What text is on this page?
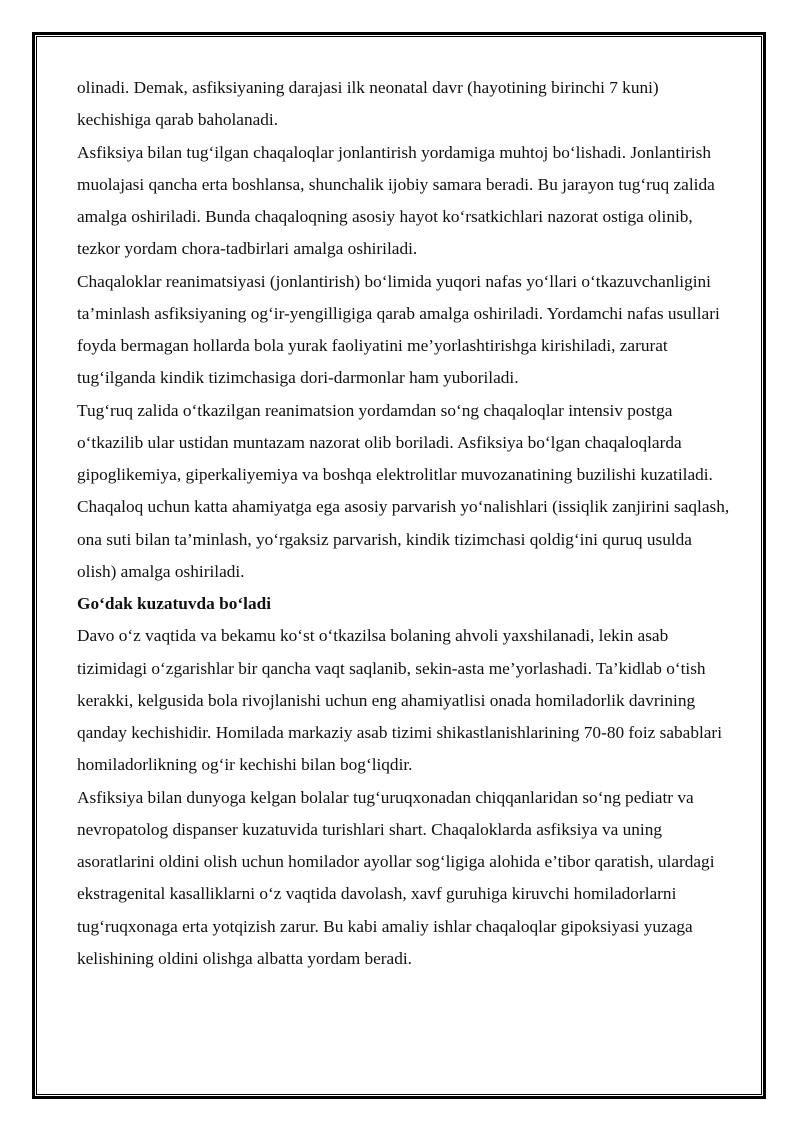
olinadi. Demak, asfiksiyaning darajasi ilk neonatal davr (hayotining birinchi 7 kuni) kechishiga qarab baholanadi.

Asfiksiya bilan tug‘ilgan chaqaloqlar jonlantirish yordamiga muhtoj bo‘lishadi. Jonlantirish muolajasi qancha erta boshlansa, shunchalik ijobiy samara beradi. Bu jarayon tug‘ruq zalida amalga oshiriladi. Bunda chaqaloqning asosiy hayot ko‘rsatkichlari nazorat ostiga olinib, tezkor yordam chora-tadbirlari amalga oshiriladi.

Chaqaloklar reanimatsiyasi (jonlantirish) bo‘limida yuqori nafas yo‘llari o‘tkazuvchanligini ta’minlash asfiksiyaning og‘ir-yengilligiga qarab amalga oshiriladi. Yordamchi nafas usullari foyda bermagan hollarda bola yurak faoliyatini me’yorlashtirishga kirishiladi, zarurat tug‘ilganda kindik tizimchasiga dori-darmonlar ham yuboriladi.

Tug‘ruq zalida o‘tkazilgan reanimatsion yordamdan so‘ng chaqaloqlar intensiv postga o‘tkazilib ular ustidan muntazam nazorat olib boriladi. Asfiksiya bo‘lgan chaqaloqlarda gipoglikemiya, giperkaliyemiya va boshqa elektrolitlar muvozanatining buzilishi kuzatiladi. Chaqaloq uchun katta ahamiyatga ega asosiy parvarish yo‘nalishlari (issiqlik zanjirini saqlash, ona suti bilan ta’minlash, yo‘rgaksiz parvarish, kindik tizimchasi qoldig‘ini quruq usulda olish) amalga oshiriladi.

Go‘dak kuzatuvda bo‘ladi

Davo o‘z vaqtida va bekamu ko‘st o‘tkazilsa bolaning ahvoli yaxshilanadi, lekin asab tizimidagi o‘zgarishlar bir qancha vaqt saqlanib, sekin-asta me’yorlashadi. Ta’kidlab o‘tish kerakki, kelgusida bola rivojlanishi uchun eng ahamiyatlisi onada homiladorlik davrining qanday kechishidir. Homilada markaziy asab tizimi shikastlanishlarining 70-80 foiz sabablari homiladorlikning og‘ir kechishi bilan bog‘liqdir.

Asfiksiya bilan dunyoga kelgan bolalar tug‘uruqxonadan chiqqanlaridan so‘ng pediatr va nevropatolog dispanser kuzatuvida turishlari shart. Chaqaloklarda asfiksiya va uning asoratlarini oldini olish uchun homilador ayollar sog‘ligiga alohida e’tibor qaratish, ulardagi ekstragenital kasalliklarni o‘z vaqtida davolash, xavf guruhiga kiruvchi homiladorlarni tug‘ruqxonaga erta yotqizish zarur. Bu kabi amaliy ishlar chaqaloqlar gipoksiyasi yuzaga kelishining oldini olishga albatta yordam beradi.
